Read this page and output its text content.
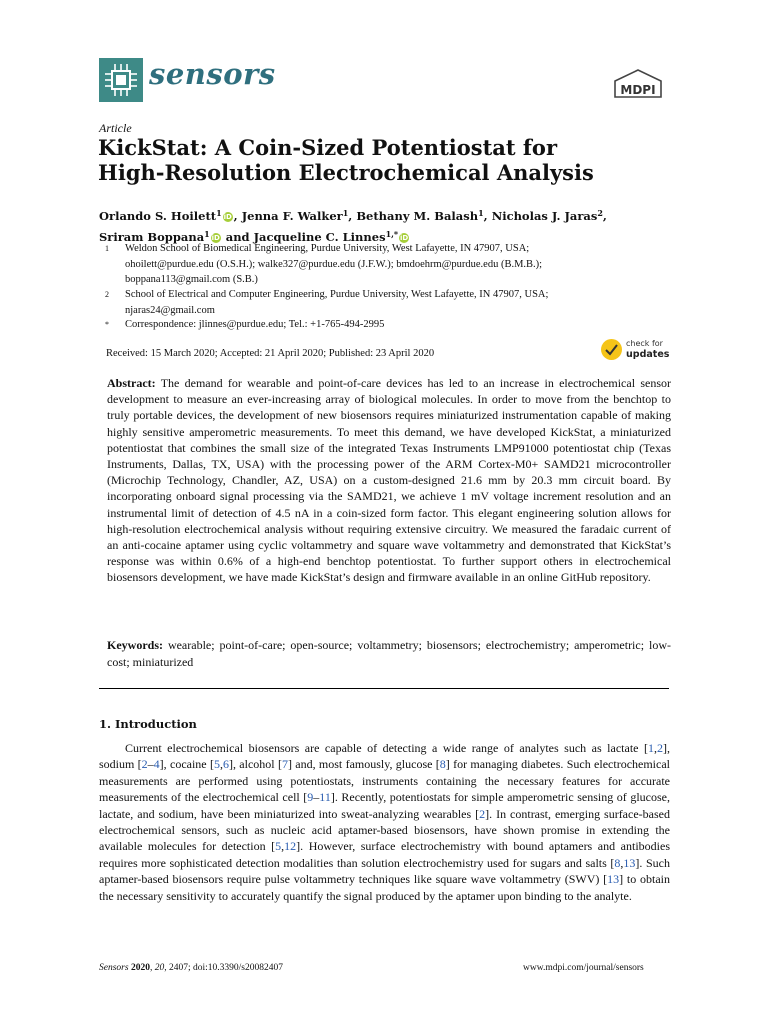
sensors	MDPI
Article
KickStat: A Coin-Sized Potentiostat for
High-Resolution Electrochemical Analysis
Orlando S. Hoilett$^1$ iD , Jenna F. Walker$^1$, Bethany M. Balash$^1$, Nicholas J. Jaras$^2$,
Sriram Boppana$^1$ iD and Jacqueline C. Linnes$^{1,*}$ iD
1 Weldon School of Biomedical Engineering, Purdue University, West Lafayette, IN 47907, USA;
ohoilett@purdue.edu (O.S.H.); walke327@purdue.edu (J.F.W.); bmdoehrm@purdue.edu (B.M.B.);
boppana113@gmail.com (S.B.)
2 School of Electrical and Computer Engineering, Purdue University, West Lafayette, IN 47907, USA;
njaras24@gmail.com
* Correspondence: jlinnes@purdue.edu; Tel.: +1-765-494-2995
Received: 15 March 2020; Accepted: 21 April 2020; Published: 23 April 2020
check for
updates
Abstract: The demand for wearable and point-of-care devices has led to an increase in electrochemical sensor development to measure an ever-increasing array of biological molecules. In order to move from the benchtop to truly portable devices, the development of new biosensors requires miniaturized instrumentation capable of making highly sensitive amperometric measurements. To meet this demand, we have developed KickStat, a miniaturized potentiostat that combines the small size of the integrated Texas Instruments LMP91000 potentiostat chip (Texas Instruments, Dallas, TX, USA) with the processing power of the ARM Cortex-M0+ SAMD21 microcontroller (Microchip Technology, Chandler, AZ, USA) on a custom-designed 21.6 mm by 20.3 mm circuit board. By incorporating onboard signal processing via the SAMD21, we achieve 1 mV voltage increment resolution and an instrumental limit of detection of 4.5 nA in a coin-sized form factor. This elegant engineering solution allows for high-resolution electrochemical analysis without requiring extensive circuitry. We measured the faradaic current of an anti-cocaine aptamer using cyclic voltammetry and square wave voltammetry and demonstrated that KickStat’s response was within 0.6% of a high-end benchtop potentiostat. To further support others in electrochemical biosensors development, we have made KickStat’s design and firmware available in an online GitHub repository.
Keywords: wearable; point-of-care; open-source; voltammetry; biosensors; electrochemistry; amperometric; low-cost; miniaturized
1. Introduction
Current electrochemical biosensors are capable of detecting a wide range of analytes such as lactate [1,2], sodium [2–4], cocaine [5,6], alcohol [7] and, most famously, glucose [8] for managing diabetes. Such electrochemical measurements are performed using potentiostats, instruments containing the necessary features for accurate measurements of the electrochemical cell [9–11]. Recently, potentiostats for simple amperometric sensing of glucose, lactate, and sodium, have been miniaturized into sweat-analyzing wearables [2]. In contrast, emerging surface-based electrochemical sensors, such as nucleic acid aptamer-based biosensors, have shown promise in extending the available molecules for detection [5,12]. However, surface electrochemistry with bound aptamers and antibodies requires more sophisticated detection modalities than solution electrochemistry used for sugars and salts [8,13]. Such aptamer-based biosensors require pulse voltammetry techniques like square wave voltammetry (SWV) [13] to obtain the necessary sensitivity to accurately quantify the signal produced by the aptamer upon binding to the analyte.
Sensors 2020, 20, 2407; doi:10.3390/s20082407	www.mdpi.com/journal/sensors
